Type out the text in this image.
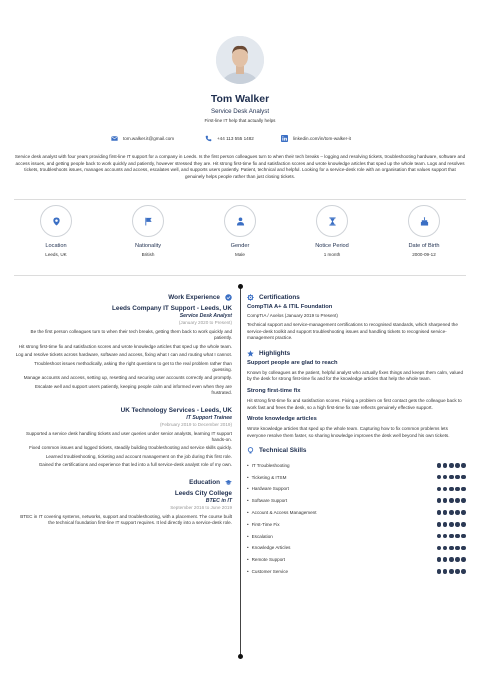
Tom Walker
Service Desk Analyst
First-line IT help that actually helps
tom.walker.it@gmail.com	+44 113 555 1482	linkedin.com/in/tom-walker-it
Service desk analyst with four years providing first-line IT support for a company in Leeds. Is the first person colleagues turn to when their tech breaks – logging and resolving tickets, troubleshooting hardware, software and access issues, and getting people back to work quickly and patiently, however stressed they are. Hit strong first-time fix and satisfaction scores and wrote knowledge articles that sped up the whole team. Logs and resolves tickets, troubleshoots issues, manages accounts and access, escalates well, and supports users patiently. Patient, technical and helpful. Looking for a service-desk role with an organisation that values support that genuinely helps people rather than just closing tickets.
Location
Leeds, UK
Nationality
British
Gender
Male
Notice Period
1 month
Date of Birth
2000-09-12
Work Experience
Leeds Company IT Support - Leeds, UK
Service Desk Analyst
(January 2020 to Present)
Be the first person colleagues turn to when their tech breaks, getting them back to work quickly and patiently.
Hit strong first-time fix and satisfaction scores and wrote knowledge articles that sped up the whole team.
Log and resolve tickets across hardware, software and access, fixing what I can and routing what I cannot.
Troubleshoot issues methodically, asking the right questions to get to the real problem rather than guessing.
Manage accounts and access, setting up, resetting and securing user accounts correctly and promptly.
Escalate well and support users patiently, keeping people calm and informed even when they are frustrated.
UK Technology Services - Leeds, UK
IT Support Trainee
(February 2019 to December 2019)
Supported a service desk handling tickets and user queries under senior analysts, learning IT support hands-on.
Fixed common issues and logged tickets, steadily building troubleshooting and service skills quickly.
Learned troubleshooting, ticketing and account management on the job during this first role.
Gained the certifications and experience that led into a full service-desk analyst role of my own.
Education
Leeds City College
BTEC in IT
September 2016 to June 2019
BTEC in IT covering systems, networks, support and troubleshooting, with a placement. The course built the technical foundation first-line IT support requires. It led directly into a service-desk role.
Certifications
CompTIA A+ & ITIL Foundation
CompTIA / Axelos (January 2019 to Present)
Technical support and service-management certifications to recognised standards, which sharpened the service-desk toolkit and support troubleshooting issues and handling tickets to recognised service-management practice.
Highlights
Support people are glad to reach
Known by colleagues as the patient, helpful analyst who actually fixes things and keeps them calm, valued by the desk for strong first-time fix and for the knowledge articles that help the whole team.
Strong first-time fix
Hit strong first-time fix and satisfaction scores. Fixing a problem on first contact gets the colleague back to work fast and frees the desk, so a high first-time fix rate reflects genuinely effective support.
Wrote knowledge articles
Wrote knowledge articles that sped up the whole team. Capturing how to fix common problems lets everyone resolve them faster, so sharing knowledge improves the desk well beyond his own tickets.
Technical Skills
• IT Troubleshooting
• Ticketing & ITSM
• Hardware Support
• Software Support
• Account & Access Management
• First-Time Fix
• Escalation
• Knowledge Articles
• Remote Support
• Customer Service
